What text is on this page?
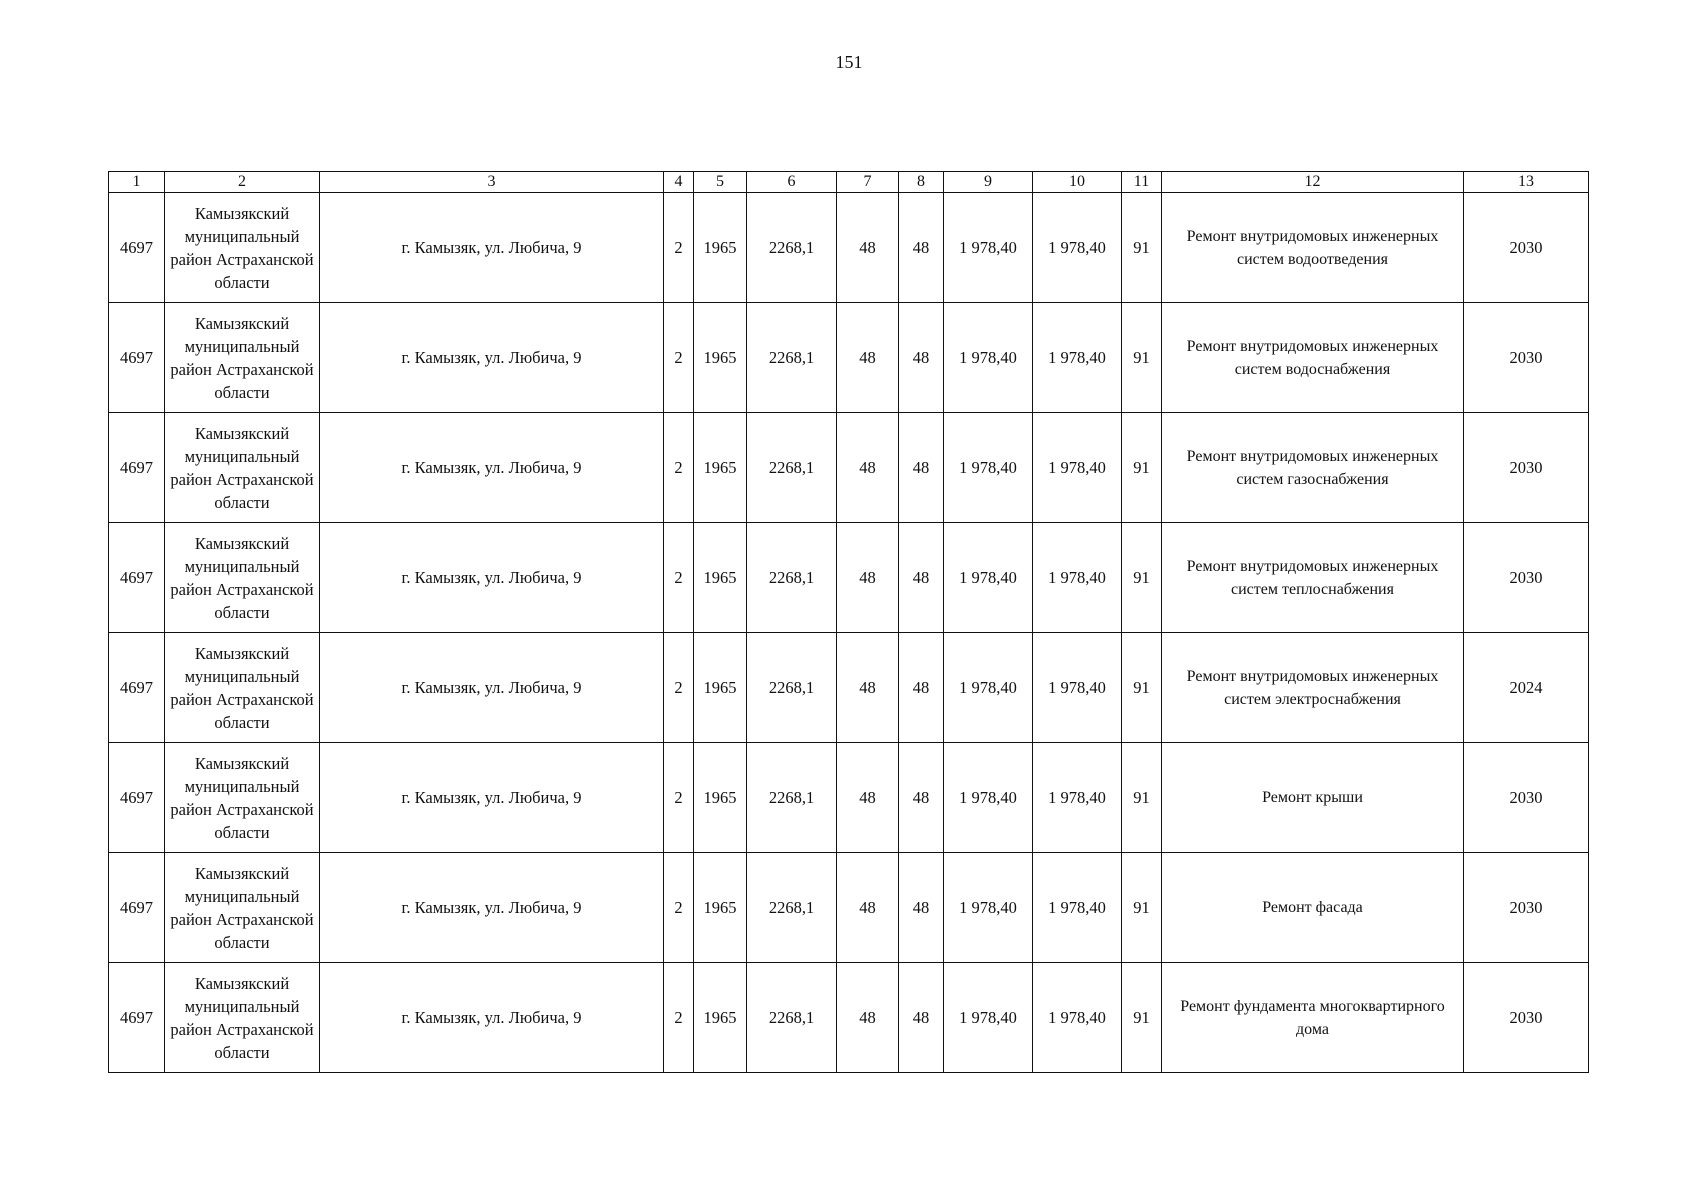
151
1	2	3	4	5	6	7	8	9	10	11	12	13
4697	Камызякский муниципальный район Астраханской области	г. Камызяк, ул. Любича, 9	2	1965	2268,1	48	48	1 978,40	1 978,40	91	Ремонт внутридомовых инженерных систем водоотведения	2030
4697	Камызякский муниципальный район Астраханской области	г. Камызяк, ул. Любича, 9	2	1965	2268,1	48	48	1 978,40	1 978,40	91	Ремонт внутридомовых инженерных систем водоснабжения	2030
4697	Камызякский муниципальный район Астраханской области	г. Камызяк, ул. Любича, 9	2	1965	2268,1	48	48	1 978,40	1 978,40	91	Ремонт внутридомовых инженерных систем газоснабжения	2030
4697	Камызякский муниципальный район Астраханской области	г. Камызяк, ул. Любича, 9	2	1965	2268,1	48	48	1 978,40	1 978,40	91	Ремонт внутридомовых инженерных систем теплоснабжения	2030
4697	Камызякский муниципальный район Астраханской области	г. Камызяк, ул. Любича, 9	2	1965	2268,1	48	48	1 978,40	1 978,40	91	Ремонт внутридомовых инженерных систем электроснабжения	2024
4697	Камызякский муниципальный район Астраханской области	г. Камызяк, ул. Любича, 9	2	1965	2268,1	48	48	1 978,40	1 978,40	91	Ремонт крыши	2030
4697	Камызякский муниципальный район Астраханской области	г. Камызяк, ул. Любича, 9	2	1965	2268,1	48	48	1 978,40	1 978,40	91	Ремонт фасада	2030
4697	Камызякский муниципальный район Астраханской области	г. Камызяк, ул. Любича, 9	2	1965	2268,1	48	48	1 978,40	1 978,40	91	Ремонт фундамента многоквартирного дома	2030
